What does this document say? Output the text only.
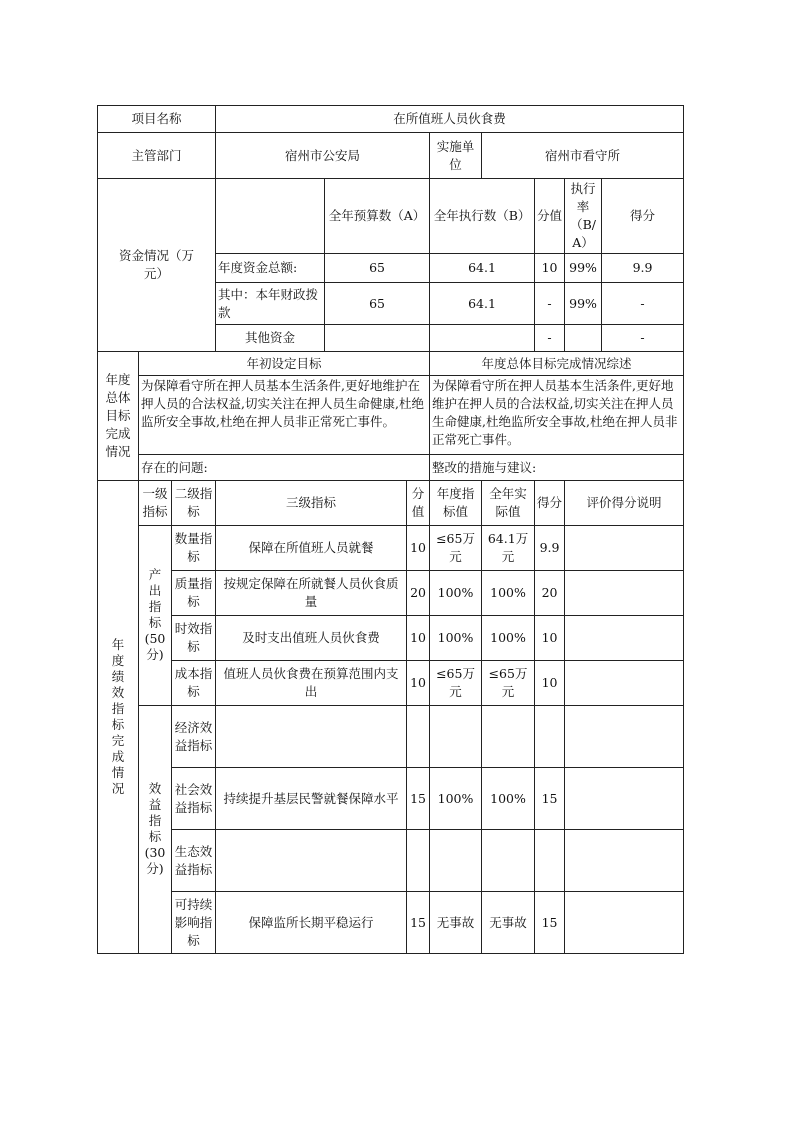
项目名称			在所值班人员伙食费							
主管部门			宿州市公安局			实施单位	宿州市看守所			

资金情况（万元）				全年预算数（A）		全年执行数（B）		分值	执行率（B/A）	得分
			年度资金总额:	65		64.1		10	99%	9.9
			其中：本年财政拨款	65		64.1		-	99%	-
			其他资金					-		-

年度总体目标完成情况	年初设定目标					年度总体目标完成情况综述				
	为保障看守所在押人员基本生活条件,更好地维护在押人员的合法权益,切实关注在押人员生命健康,杜绝监所安全事故,杜绝在押人员非正常死亡事件。					为保障看守所在押人员基本生活条件,更好地维护在押人员的合法权益,切实关注在押人员生命健康,杜绝监所安全事故,杜绝在押人员非正常死亡事件。				
	存在的问题:					整改的措施与建议:				
年度绩效指标完成情况	一级指标	二级指标	三级指标		分值	年度指标值	全年实际值	得分	评价得分说明	
	产出指标(50分)	数量指标	保障在所值班人员就餐		10	≤65万元	64.1万元	9.9		
		质量指标	按规定保障在所就餐人员伙食质量		20	100%	100%	20		
		时效指标	及时支出值班人员伙食费		10	100%	100%	10		
		成本指标	值班人员伙食费在预算范围内支出		10	≤65万元	≤65万元	10		
	效益指标(30分)	经济效益指标								
		社会效益指标	持续提升基层民警就餐保障水平		15	100%	100%	15		
		生态效益指标								
		可持续影响指标	保障监所长期平稳运行		15	无事故	无事故	15		
